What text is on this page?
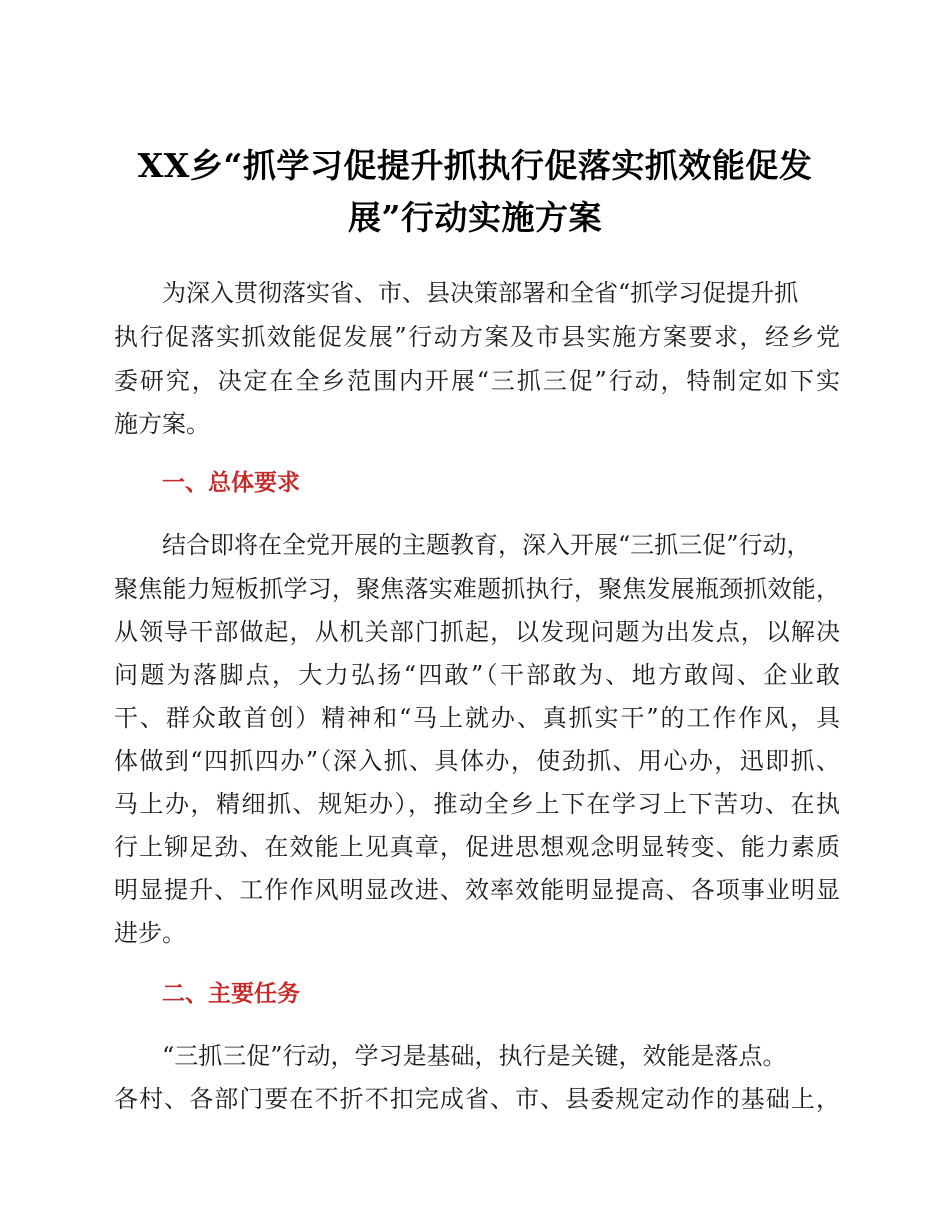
XX乡“抓学习促提升抓执行促落实抓效能促发
展”行动实施方案
为深入贯彻落实省、市、县决策部署和全省“抓学习促提升抓
执行促落实抓效能促发展”行动方案及市县实施方案要求，经乡党
委研究，决定在全乡范围内开展“三抓三促”行动，特制定如下实
施方案。
一、总体要求
结合即将在全党开展的主题教育，深入开展“三抓三促”行动，
聚焦能力短板抓学习，聚焦落实难题抓执行，聚焦发展瓶颈抓效能，
从领导干部做起，从机关部门抓起，以发现问题为出发点，以解决
问题为落脚点，大力弘扬“四敢”（干部敢为、地方敢闯、企业敢
干、群众敢首创）精神和“马上就办、真抓实干”的工作作风，具
体做到“四抓四办”（深入抓、具体办，使劲抓、用心办，迅即抓、
马上办，精细抓、规矩办），推动全乡上下在学习上下苦功、在执
行上铆足劲、在效能上见真章，促进思想观念明显转变、能力素质
明显提升、工作作风明显改进、效率效能明显提高、各项事业明显
进步。
二、主要任务
“三抓三促”行动，学习是基础，执行是关键，效能是落点。
各村、各部门要在不折不扣完成省、市、县委规定动作的基础上，
